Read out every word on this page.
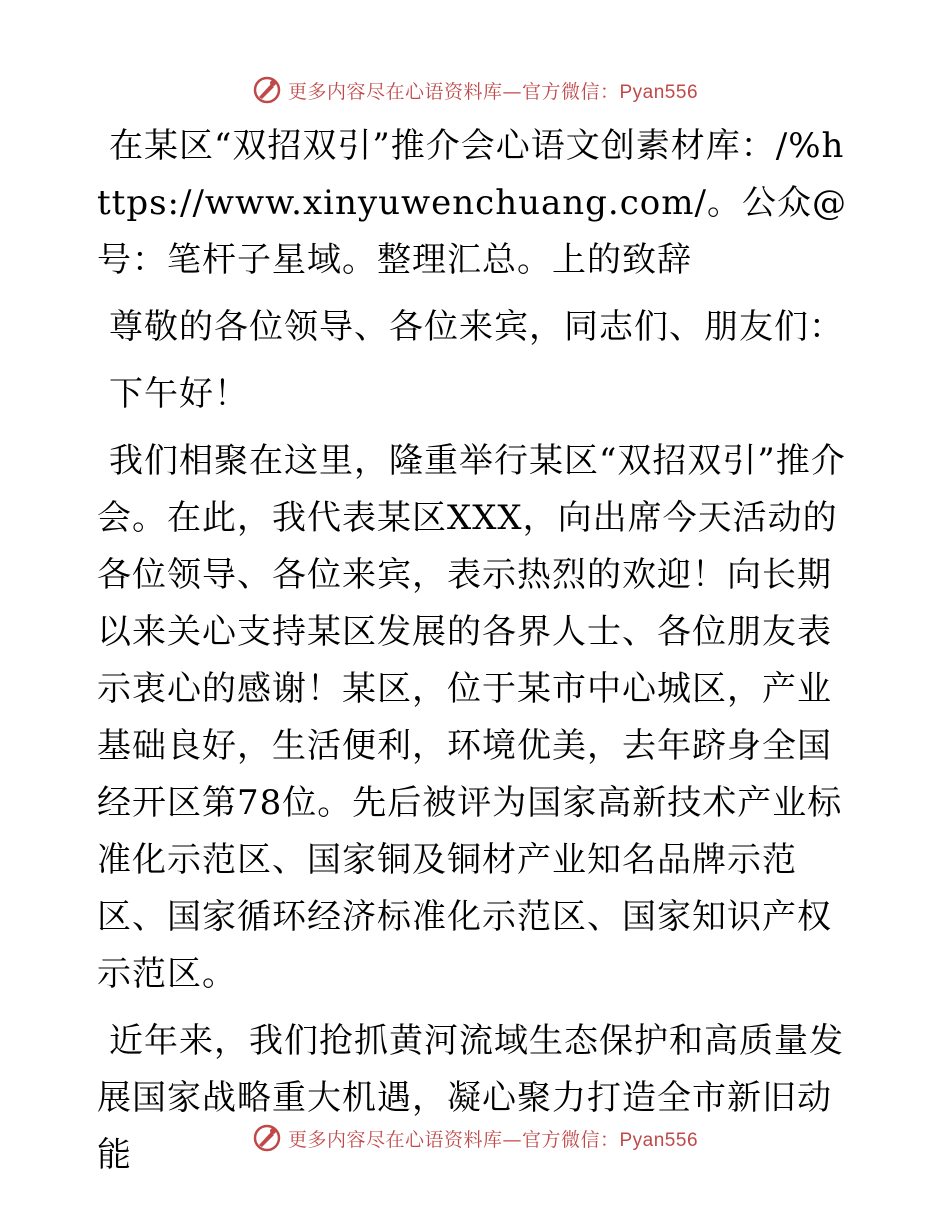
更多内容尽在心语资料库—官方微信：Pyan556

在某区“双招双引”推介会心语文创素材库：/%https://www.xinyuwenchuang.com/。公众@号：笔杆子星域。整理汇总。上的致辞

尊敬的各位领导、各位来宾，同志们、朋友们：

下午好！

我们相聚在这里，隆重举行某区“双招双引”推介会。在此，我代表某区XXX，向出席今天活动的各位领导、各位来宾，表示热烈的欢迎！向长期以来关心支持某区发展的各界人士、各位朋友表示衷心的感谢！某区，位于某市中心城区，产业基础良好，生活便利，环境优美，去年跻身全国经开区第78位。先后被评为国家高新技术产业标准化示范区、国家铜及铜材产业知名品牌示范区、国家循环经济标准化示范区、国家知识产权示范区。

近年来，我们抢抓黄河流域生态保护和高质量发展国家战略重大机遇，凝心聚力打造全市新旧动能	更多内容尽在心语资料库—官方微信：Pyan556
